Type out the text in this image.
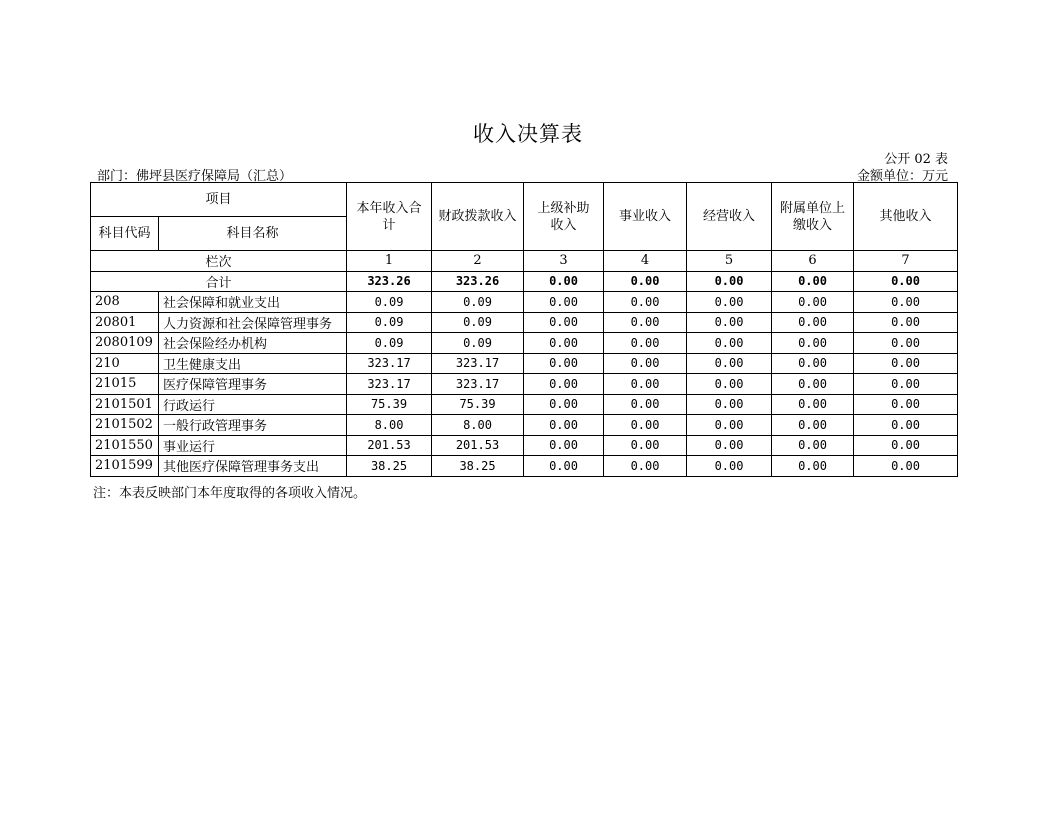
收入决算表
公开 02 表
部门：佛坪县医疗保障局（汇总）	金额单位：万元
项目		本年收入合计	财政拨款收入	上级补助收入	事业收入	经营收入	附属单位上缴收入	其他收入
科目代码	科目名称							
栏次		1	2	3	4	5	6	7
合计		323.26	323.26	0.00	0.00	0.00	0.00	0.00
208	社会保障和就业支出	0.09	0.09	0.00	0.00	0.00	0.00	0.00
20801	人力资源和社会保障管理事务	0.09	0.09	0.00	0.00	0.00	0.00	0.00
2080109	社会保险经办机构	0.09	0.09	0.00	0.00	0.00	0.00	0.00
210	卫生健康支出	323.17	323.17	0.00	0.00	0.00	0.00	0.00
21015	医疗保障管理事务	323.17	323.17	0.00	0.00	0.00	0.00	0.00
2101501	行政运行	75.39	75.39	0.00	0.00	0.00	0.00	0.00
2101502	一般行政管理事务	8.00	8.00	0.00	0.00	0.00	0.00	0.00
2101550	事业运行	201.53	201.53	0.00	0.00	0.00	0.00	0.00
2101599	其他医疗保障管理事务支出	38.25	38.25	0.00	0.00	0.00	0.00	0.00
注：本表反映部门本年度取得的各项收入情况。
